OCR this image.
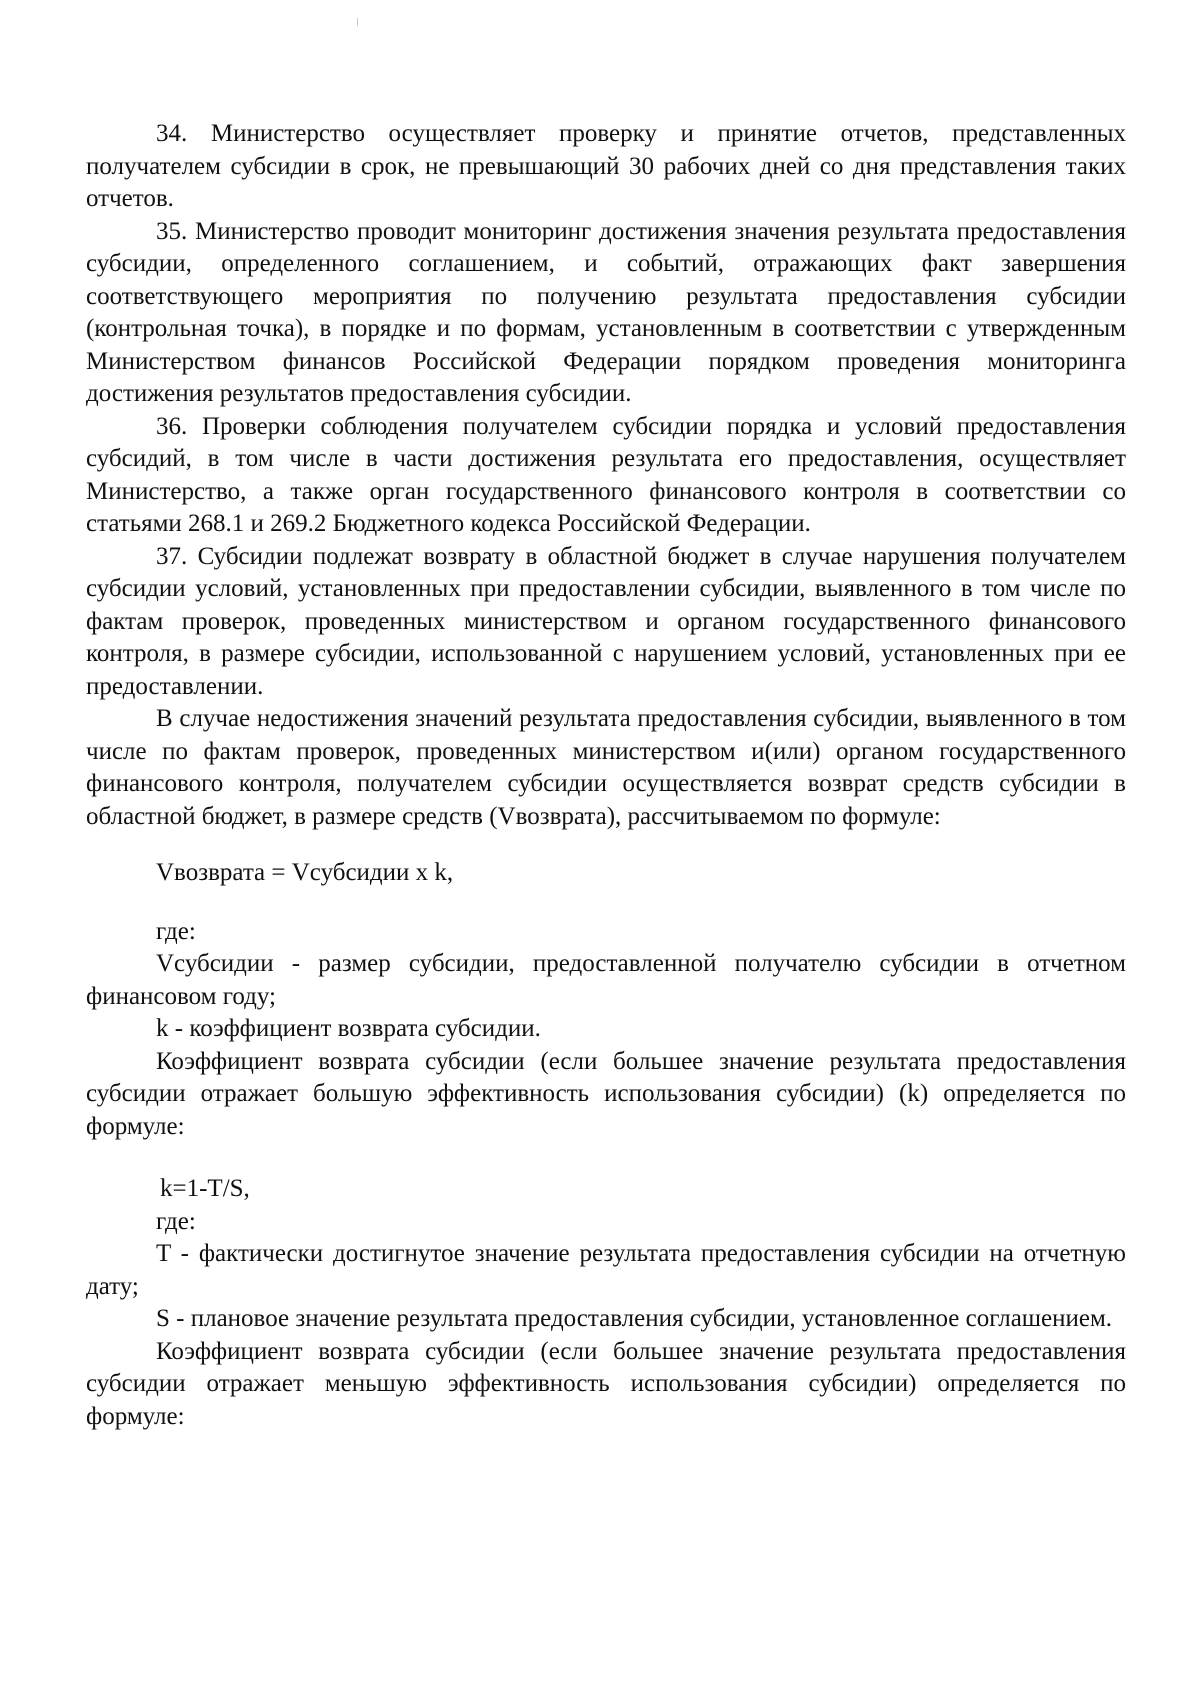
34. Министерство осуществляет проверку и принятие отчетов, представленных получателем субсидии в срок, не превышающий 30 рабочих дней со дня представления таких отчетов.

35. Министерство проводит мониторинг достижения значения результата предоставления субсидии, определенного соглашением, и событий, отражающих факт завершения соответствующего мероприятия по получению результата предоставления субсидии (контрольная точка), в порядке и по формам, установленным в соответствии с утвержденным Министерством финансов Российской Федерации порядком проведения мониторинга достижения результатов предоставления субсидии.

36. Проверки соблюдения получателем субсидии порядка и условий предоставления субсидий, в том числе в части достижения результата его предоставления, осуществляет Министерство, а также орган государственного финансового контроля в соответствии со статьями 268.1 и 269.2 Бюджетного кодекса Российской Федерации.

37. Субсидии подлежат возврату в областной бюджет в случае нарушения получателем субсидии условий, установленных при предоставлении субсидии, выявленного в том числе по фактам проверок, проведенных министерством и органом государственного финансового контроля, в размере субсидии, использованной с нарушением условий, установленных при ее предоставлении.

В случае недостижения значений результата предоставления субсидии, выявленного в том числе по фактам проверок, проведенных министерством и(или) органом государственного финансового контроля, получателем субсидии осуществляется возврат средств субсидии в областной бюджет, в размере средств (Vвозврата), рассчитываемом по формуле:

Vвозврата = Vсубсидии x k,

где:

Vсубсидии - размер субсидии, предоставленной получателю субсидии в отчетном финансовом году;

k - коэффициент возврата субсидии.

Коэффициент возврата субсидии (если большее значение результата предоставления субсидии отражает большую эффективность использования субсидии) (k) определяется по формуле:

k=1-T/S,

где:

T - фактически достигнутое значение результата предоставления субсидии на отчетную дату;

S - плановое значение результата предоставления субсидии, установленное соглашением.

Коэффициент возврата субсидии (если большее значение результата предоставления субсидии отражает меньшую эффективность использования субсидии) определяется по формуле:
